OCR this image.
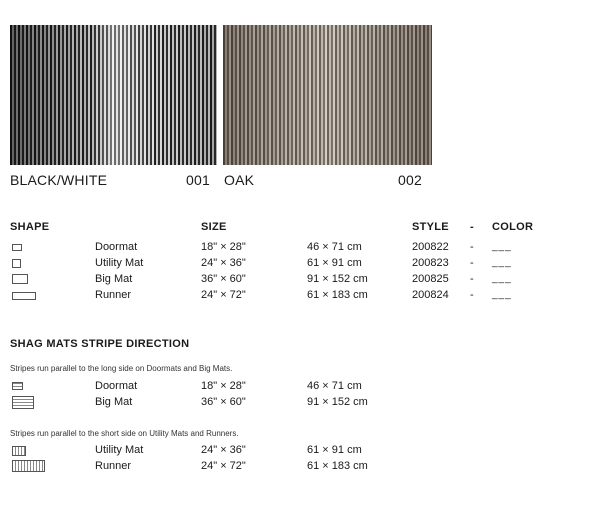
BLACK/WHITE	001 OAK	002
SHAPE	SIZE	STYLE - COLOR
Doormat	18" × 28"	46 × 71 cm	200822 - ___
Utility Mat	24" × 36"	61 × 91 cm	200823 - ___
Big Mat	36" × 60"	91 × 152 cm	200825 - ___
Runner	24" × 72"	61 × 183 cm	200824 - ___
SHAG MATS STRIPE DIRECTION
Stripes run parallel to the long side on Doormats and Big Mats.
Doormat	18" × 28"	46 × 71 cm
Big Mat	36" × 60"	91 × 152 cm
Stripes run parallel to the short side on Utility Mats and Runners.
Utility Mat	24" × 36"	61 × 91 cm
Runner	24" × 72"	61 × 183 cm
